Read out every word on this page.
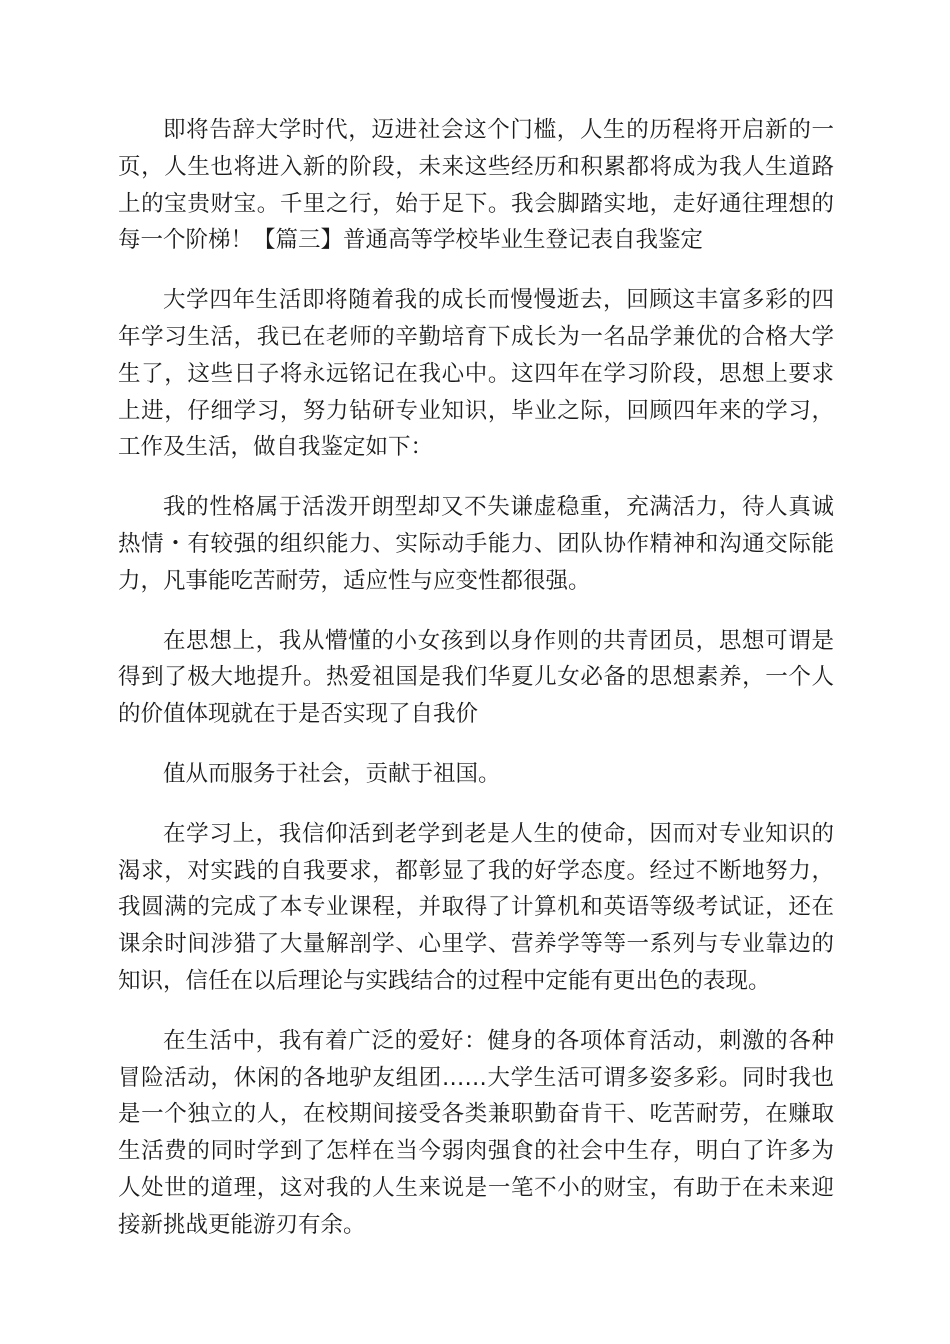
即将告辞大学时代，迈进社会这个门槛，人生的历程将开启新的一页，人生也将进入新的阶段，未来这些经历和积累都将成为我人生道路上的宝贵财宝。千里之行，始于足下。我会脚踏实地，走好通往理想的每一个阶梯！【篇三】普通高等学校毕业生登记表自我鉴定

大学四年生活即将随着我的成长而慢慢逝去，回顾这丰富多彩的四年学习生活，我已在老师的辛勤培育下成长为一名品学兼优的合格大学生了，这些日子将永远铭记在我心中。这四年在学习阶段，思想上要求上进，仔细学习，努力钻研专业知识，毕业之际，回顾四年来的学习，工作及生活，做自我鉴定如下：

我的性格属于活泼开朗型却又不失谦虚稳重，充满活力，待人真诚热情・有较强的组织能力、实际动手能力、团队协作精神和沟通交际能力，凡事能吃苦耐劳，适应性与应变性都很强。

在思想上，我从懵懂的小女孩到以身作则的共青团员，思想可谓是得到了极大地提升。热爱祖国是我们华夏儿女必备的思想素养，一个人的价值体现就在于是否实现了自我价

值从而服务于社会，贡献于祖国。

在学习上，我信仰活到老学到老是人生的使命，因而对专业知识的渴求，对实践的自我要求，都彰显了我的好学态度。经过不断地努力，我圆满的完成了本专业课程，并取得了计算机和英语等级考试证，还在课余时间涉猎了大量解剖学、心里学、营养学等等一系列与专业靠边的知识，信任在以后理论与实践结合的过程中定能有更出色的表现。

在生活中，我有着广泛的爱好：健身的各项体育活动，刺激的各种冒险活动，休闲的各地驴友组团……大学生活可谓多姿多彩。同时我也是一个独立的人，在校期间接受各类兼职勤奋肯干、吃苦耐劳，在赚取生活费的同时学到了怎样在当今弱肉强食的社会中生存，明白了许多为人处世的道理，这对我的人生来说是一笔不小的财宝，有助于在未来迎接新挑战更能游刃有余。
